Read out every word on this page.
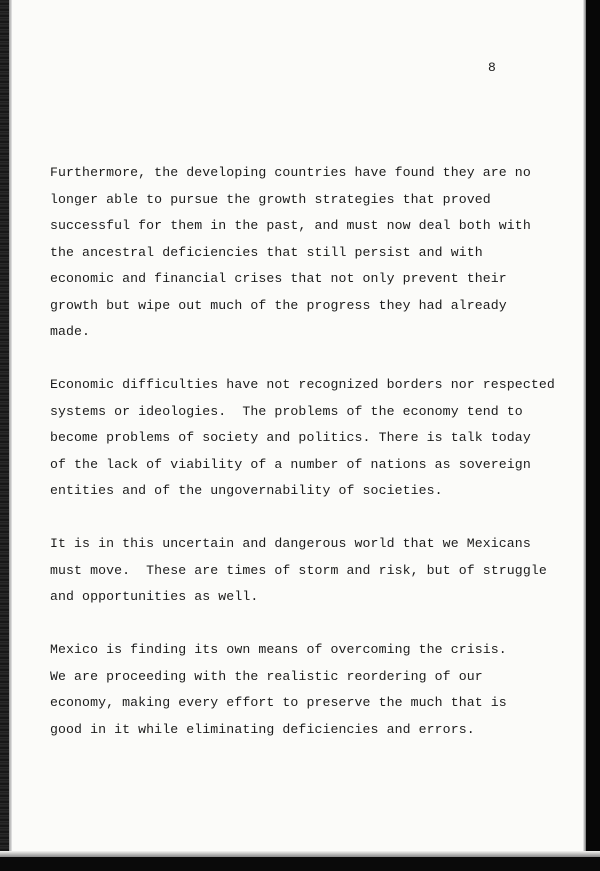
8
Furthermore, the developing countries have found they are no
longer able to pursue the growth strategies that proved
successful for them in the past, and must now deal both with
the ancestral deficiencies that still persist and with
economic and financial crises that not only prevent their
growth but wipe out much of the progress they had already
made.
Economic difficulties have not recognized borders nor respected
systems or ideologies.  The problems of the economy tend to
become problems of society and politics. There is talk today
of the lack of viability of a number of nations as sovereign
entities and of the ungovernability of societies.
It is in this uncertain and dangerous world that we Mexicans
must move.  These are times of storm and risk, but of struggle
and opportunities as well.
Mexico is finding its own means of overcoming the crisis.
We are proceeding with the realistic reordering of our
economy, making every effort to preserve the much that is
good in it while eliminating deficiencies and errors.
